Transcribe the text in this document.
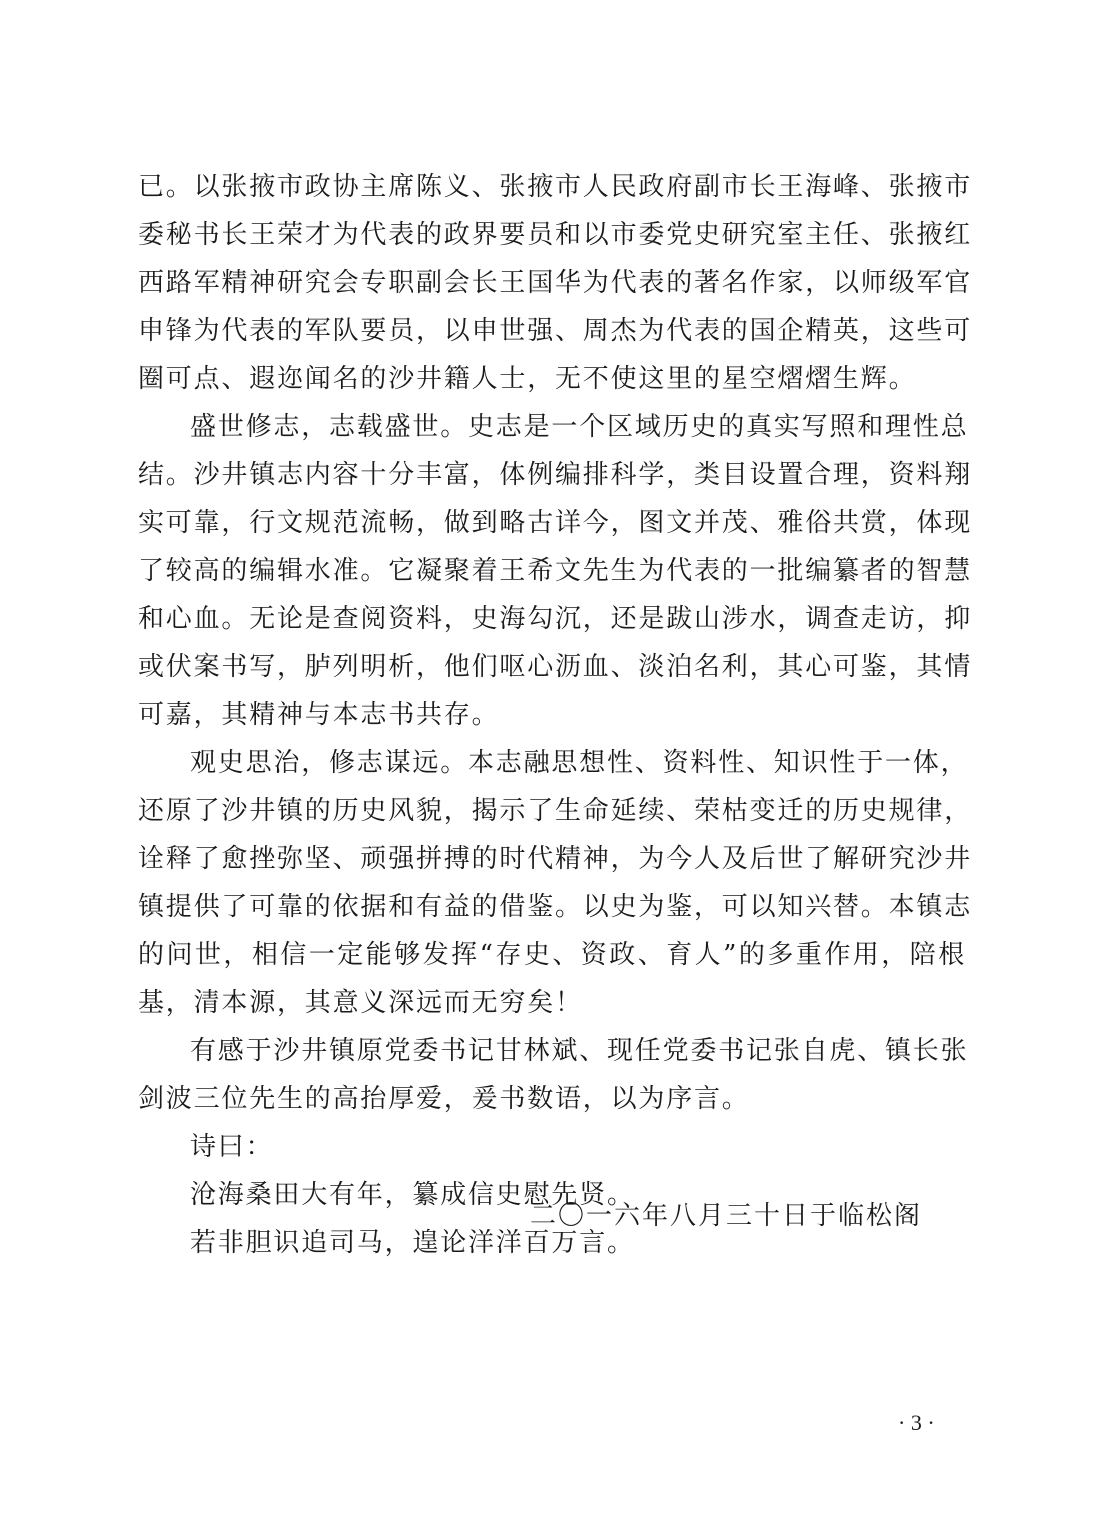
已。以张掖市政协主席陈义、张掖市人民政府副市长王海峰、张掖市
委秘书长王荣才为代表的政界要员和以市委党史研究室主任、张掖红
西路军精神研究会专职副会长王国华为代表的著名作家，以师级军官
申锋为代表的军队要员，以申世强、周杰为代表的国企精英，这些可
圈可点、遐迩闻名的沙井籍人士，无不使这里的星空熠熠生辉。
盛世修志，志载盛世。史志是一个区域历史的真实写照和理性总
结。沙井镇志内容十分丰富，体例编排科学，类目设置合理，资料翔
实可靠，行文规范流畅，做到略古详今，图文并茂、雅俗共赏，体现
了较高的编辑水准。它凝聚着王希文先生为代表的一批编纂者的智慧
和心血。无论是查阅资料，史海勾沉，还是跋山涉水，调查走访，抑
或伏案书写，胪列明析，他们呕心沥血、淡泊名利，其心可鉴，其情
可嘉，其精神与本志书共存。
观史思治，修志谋远。本志融思想性、资料性、知识性于一体，
还原了沙井镇的历史风貌，揭示了生命延续、荣枯变迁的历史规律，
诠释了愈挫弥坚、顽强拼搏的时代精神，为今人及后世了解研究沙井
镇提供了可靠的依据和有益的借鉴。以史为鉴，可以知兴替。本镇志
的问世，相信一定能够发挥“存史、资政、育人”的多重作用，陪根
基，清本源，其意义深远而无穷矣！
有感于沙井镇原党委书记甘林斌、现任党委书记张自虎、镇长张
剑波三位先生的高抬厚爱，爰书数语，以为序言。
诗曰：
沧海桑田大有年，纂成信史慰先贤。
若非胆识追司马，遑论洋洋百万言。
二〇一六年八月三十日于临松阁
· 3 ·
